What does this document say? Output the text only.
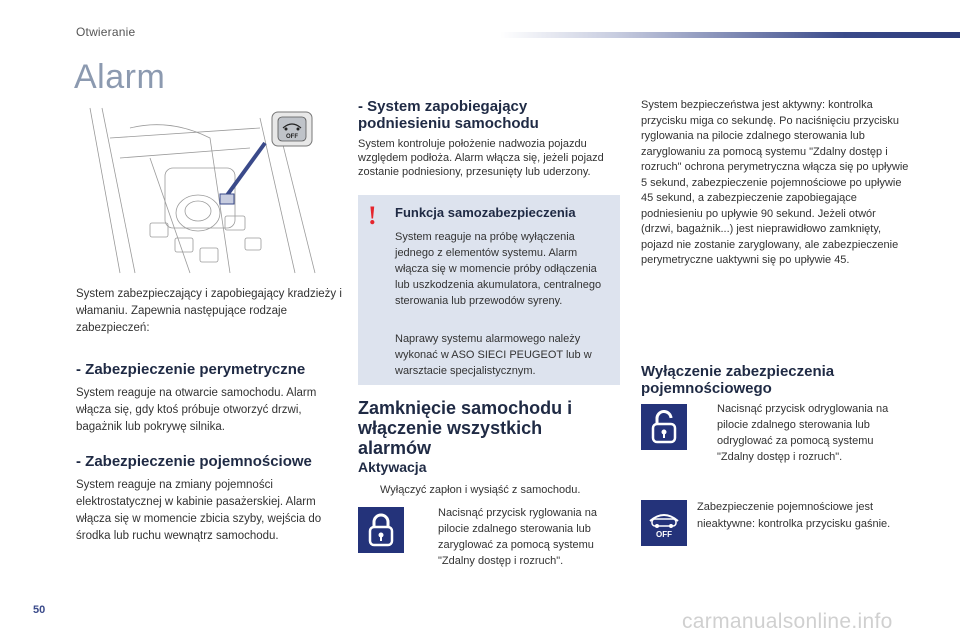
Otwieranie
Alarm
OFF

System zabezpieczający i zapobiegający kradzieży i włamaniu. Zapewnia następujące rodzaje zabezpieczeń:

- Zabezpieczenie perymetryczne

System reaguje na otwarcie samochodu. Alarm włącza się, gdy ktoś próbuje otworzyć drzwi, bagażnik lub pokrywę silnika.

- Zabezpieczenie pojemnościowe

System reaguje na zmiany pojemności elektrostatycznej w kabinie pasażerskiej. Alarm włącza się w momencie zbicia szyby, wejścia do środka lub ruchu wewnątrz samochodu.

- System zapobiegający podniesieniu samochodu

System kontroluje położenie nadwozia pojazdu względem podłoża. Alarm włącza się, jeżeli pojazd zostanie podniesiony, przesunięty lub uderzony.

! Funkcja samozabezpieczenia

System reaguje na próbę wyłączenia jednego z elementów systemu. Alarm włącza się w momencie próby odłączenia lub uszkodzenia akumulatora, centralnego sterowania lub przewodów syreny.

Naprawy systemu alarmowego należy wykonać w ASO SIECI PEUGEOT lub w warsztacie specjalistycznym.

Zamknięcie samochodu i włączenie wszystkich alarmów
Aktywacja
Wyłączyć zapłon i wysiąść z samochodu.
Nacisnąć przycisk ryglowania na pilocie zdalnego sterowania lub zaryglować za pomocą systemu "Zdalny dostęp i rozruch".

System bezpieczeństwa jest aktywny: kontrolka przycisku miga co sekundę. Po naciśnięciu przycisku ryglowania na pilocie zdalnego sterowania lub zaryglowaniu za pomocą systemu "Zdalny dostęp i rozruch" ochrona perymetryczna włącza się po upływie 5 sekund, zabezpieczenie pojemnościowe po upływie 45 sekund, a zabezpieczenie zapobiegające podniesieniu po upływie 90 sekund. Jeżeli otwór (drzwi, bagażnik...) jest nieprawidłowo zamknięty, pojazd nie zostanie zaryglowany, ale zabezpieczenie perymetryczne uaktywni się po upływie 45.

Wyłączenie zabezpieczenia pojemnościowego
Nacisnąć przycisk odryglowania na pilocie zdalnego sterowania lub odryglować za pomocą systemu "Zdalny dostęp i rozruch".
OFF

Zabezpieczenie pojemnościowe jest nieaktywne: kontrolka przycisku gaśnie.

50	carmanualsonline.info
